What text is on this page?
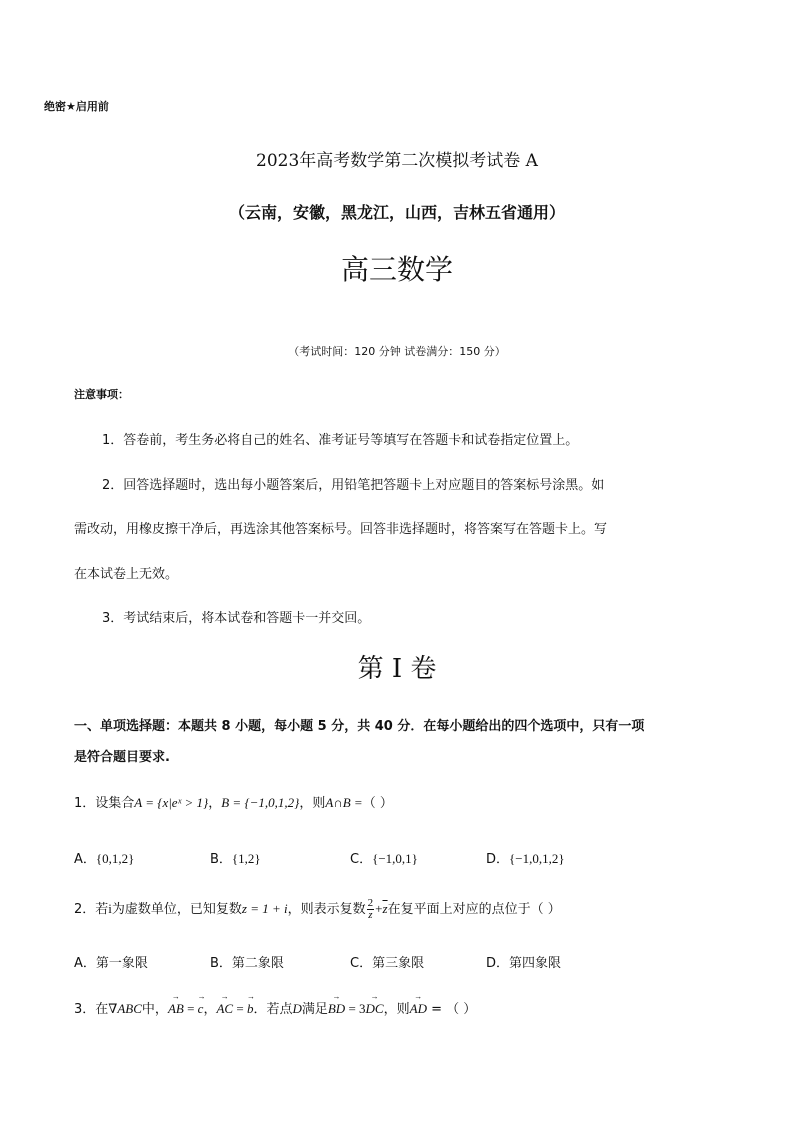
绝密★启用前
2023年高考数学第二次模拟考试卷 A
（云南，安徽，黑龙江，山西，吉林五省通用）
高三数学
（考试时间：120 分钟 试卷满分：150 分）
注意事项：
1．答卷前，考生务必将自己的姓名、准考证号等填写在答题卡和试卷指定位置上。
2．回答选择题时，选出每小题答案后，用铅笔把答题卡上对应题目的答案标号涂黑。如
需改动，用橡皮擦干净后，再选涂其他答案标号。回答非选择题时，将答案写在答题卡上。写
在本试卷上无效。
3．考试结束后，将本试卷和答题卡一并交回。
第 I 卷
一、单项选择题：本题共 8 小题，每小题 5 分，共 40 分．在每小题给出的四个选项中，只有一项
是符合题目要求.
1．设集合A = {x|eˣ > 1}，B = {−1,0,1,2}，则A∩B =（ ）
A．{0,1,2}	B．{1,2}	C．{−1,0,1}	D．{−1,0,1,2}
2．若i为虚数单位，已知复数z = 1 + i，则表示复数 $\frac{2}{z} +\overline{z}$在复平面上对应的点位于（ ）
A．第一象限	B．第二象限	C．第三象限	D．第四象限
3．在∇ABC中，→ AB = → c，→ AC = → b．若点D满足→ BD = 3→ DC，则→ AD = （ ）
